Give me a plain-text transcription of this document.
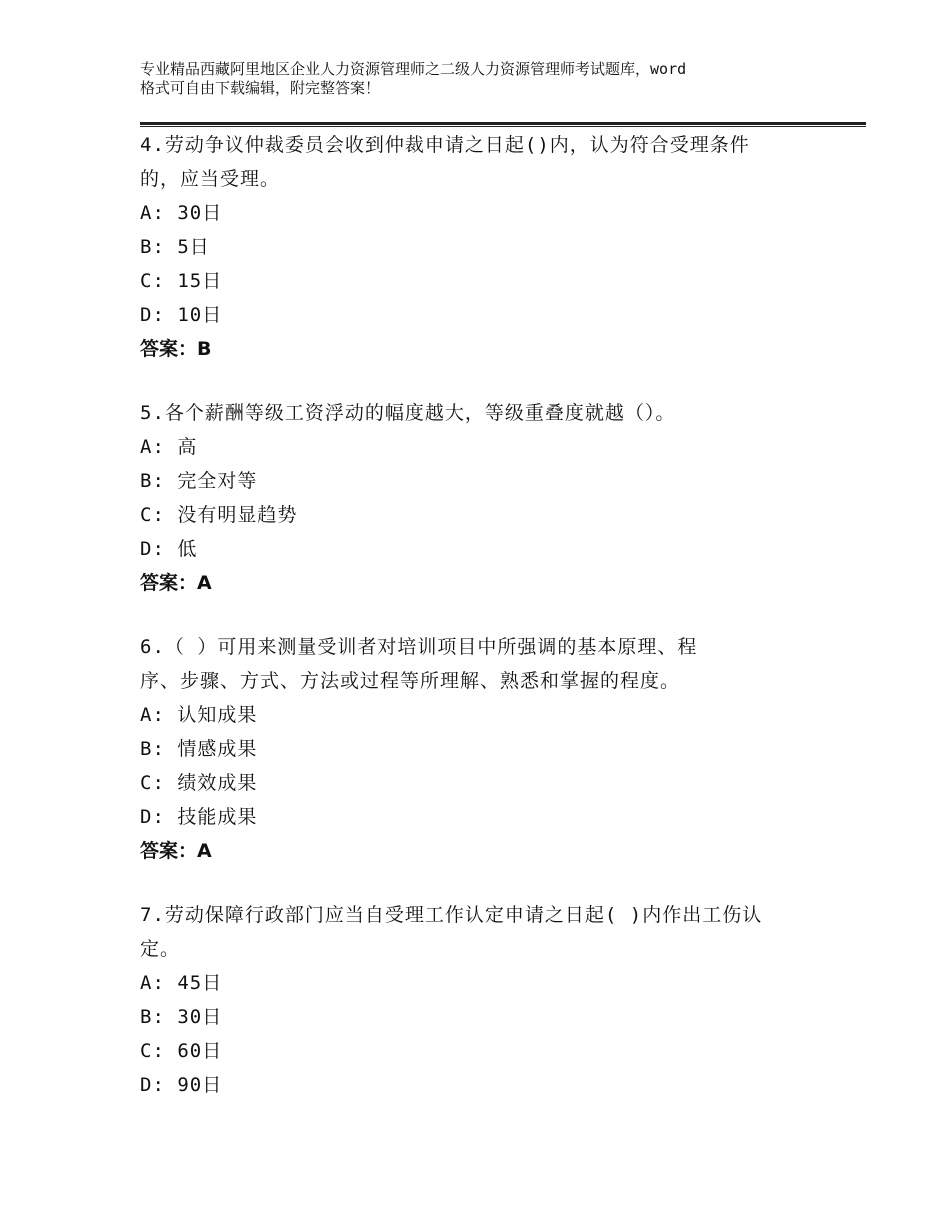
专业精品西藏阿里地区企业人力资源管理师之二级人力资源管理师考试题库，word
格式可自由下载编辑，附完整答案！
4.劳动争议仲裁委员会收到仲裁申请之日起()内，认为符合受理条件
的，应当受理。
A: 30日
B: 5日
C: 15日
D: 10日
答案：B
5.各个薪酬等级工资浮动的幅度越大，等级重叠度就越（）。
A: 高
B: 完全对等
C: 没有明显趋势
D: 低
答案：A
6.（ ）可用来测量受训者对培训项目中所强调的基本原理、程
序、步骤、方式、方法或过程等所理解、熟悉和掌握的程度。
A: 认知成果
B: 情感成果
C: 绩效成果
D: 技能成果
答案：A
7.劳动保障行政部门应当自受理工作认定申请之日起( )内作出工伤认
定。
A: 45日
B: 30日
C: 60日
D: 90日
